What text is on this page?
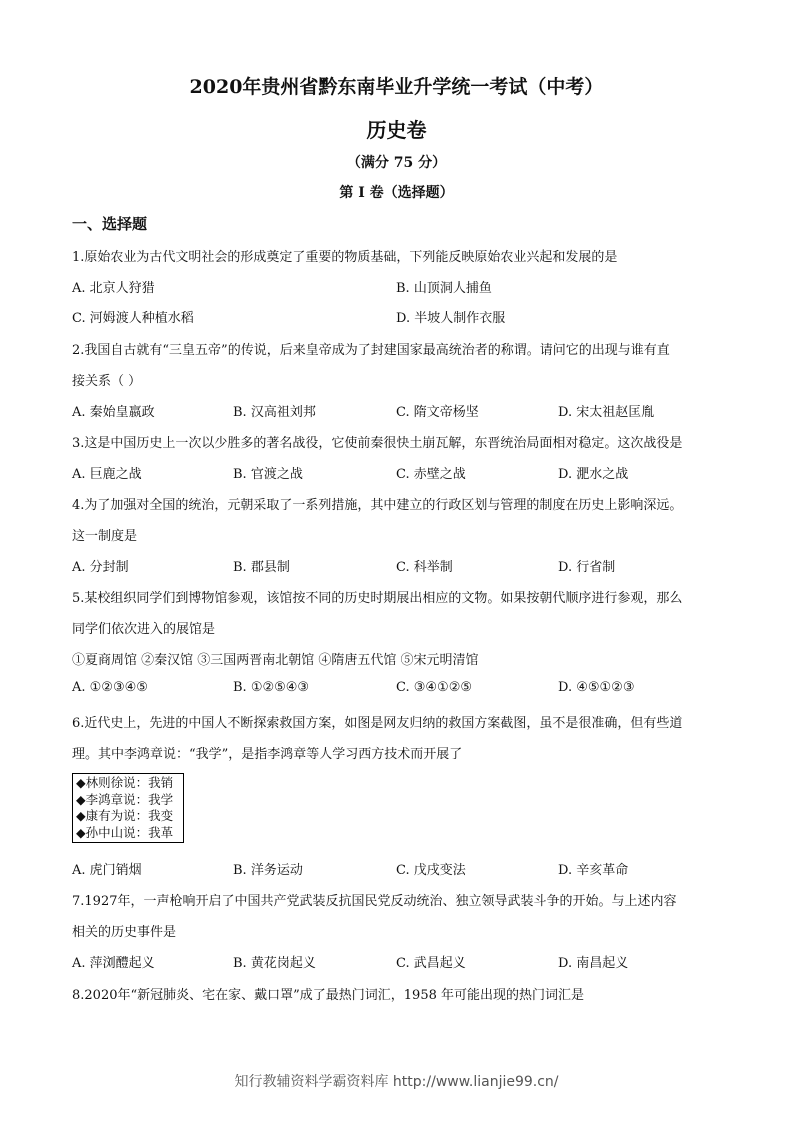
2020年贵州省黔东南毕业升学统一考试（中考）
历史卷
（满分 75 分）
第 I 卷（选择题）
一、选择题
1.原始农业为古代文明社会的形成奠定了重要的物质基础，下列能反映原始农业兴起和发展的是
A. 北京人狩猎	B. 山顶洞人捕鱼
C. 河姆渡人种植水稻	D. 半坡人制作衣服
2.我国自古就有“三皇五帝”的传说，后来皇帝成为了封建国家最高统治者的称谓。请问它的出现与谁有直
接关系（ ）
A. 秦始皇嬴政	B. 汉高祖刘邦	C. 隋文帝杨坚	D. 宋太祖赵匡胤
3.这是中国历史上一次以少胜多的著名战役，它使前秦很快土崩瓦解，东晋统治局面相对稳定。这次战役是
A. 巨鹿之战	B. 官渡之战	C. 赤壁之战	D. 淝水之战
4.为了加强对全国的统治，元朝采取了一系列措施，其中建立的行政区划与管理的制度在历史上影响深远。
这一制度是
A. 分封制	B. 郡县制	C. 科举制	D. 行省制
5.某校组织同学们到博物馆参观，该馆按不同的历史时期展出相应的文物。如果按朝代顺序进行参观，那么
同学们依次进入的展馆是
①夏商周馆 ②秦汉馆 ③三国两晋南北朝馆 ④隋唐五代馆 ⑤宋元明清馆
A. ①②③④⑤	B. ①②⑤④③	C. ③④①②⑤	D. ④⑤①②③
6.近代史上，先进的中国人不断探索救国方案，如图是网友归纳的救国方案截图，虽不是很准确，但有些道
理。其中李鸿章说：“我学”，是指李鸿章等人学习西方技术而开展了
◆林则徐说：我销
◆李鸿章说：我学
◆康有为说：我变
◆孙中山说：我革
A. 虎门销烟	B. 洋务运动	C. 戊戌变法	D. 辛亥革命
7.1927年，一声枪响开启了中国共产党武装反抗国民党反动统治、独立领导武装斗争的开始。与上述内容
相关的历史事件是
A. 萍浏醴起义	B. 黄花岗起义	C. 武昌起义	D. 南昌起义
8.2020年“新冠肺炎、宅在家、戴口罩”成了最热门词汇，1958 年可能出现的热门词汇是
知行教辅资料学霸资料库 http://www.lianjie99.cn/
